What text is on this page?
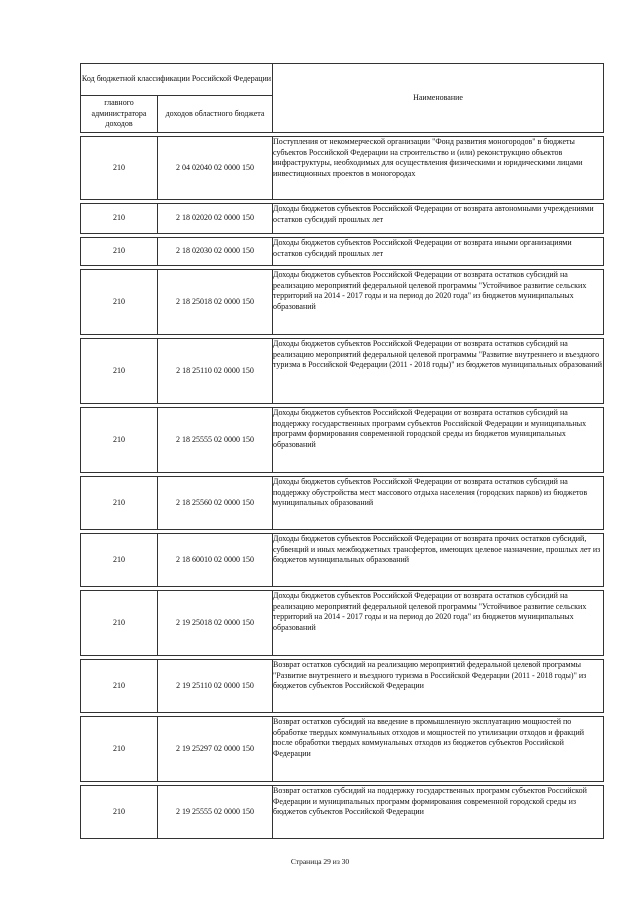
Код бюджетной классификации Российской Федерации		Наименование
главного администратора доходов	доходов областного бюджета	

210	2 04 02040 02 0000 150	Поступления от некоммерческой организации "Фонд развития моногородов" в бюджеты субъектов Российской Федерации на строительство и (или) реконструкцию объектов инфраструктуры, необходимых для осуществления физическими и юридическими лицами инвестиционных проектов в моногородах

210	2 18 02020 02 0000 150	Доходы бюджетов субъектов Российской Федерации от возврата автономными учреждениями остатков субсидий прошлых лет

210	2 18 02030 02 0000 150	Доходы бюджетов субъектов Российской Федерации от возврата иными организациями остатков субсидий прошлых лет

210	2 18 25018 02 0000 150	Доходы бюджетов субъектов Российской Федерации от возврата остатков субсидий на реализацию мероприятий федеральной целевой программы "Устойчивое развитие сельских территорий на 2014 - 2017 годы и на период до 2020 года" из бюджетов муниципальных образований

210	2 18 25110 02 0000 150	Доходы бюджетов субъектов Российской Федерации от возврата остатков субсидий на реализацию мероприятий федеральной целевой программы "Развитие внутреннего и въездного туризма в Российской Федерации (2011 - 2018 годы)" из бюджетов муниципальных образований

210	2 18 25555 02 0000 150	Доходы бюджетов субъектов Российской Федерации от возврата остатков субсидий на поддержку государственных программ субъектов Российской Федерации и муниципальных программ формирования современной городской среды из бюджетов муниципальных образований

210	2 18 25560 02 0000 150	Доходы бюджетов субъектов Российской Федерации от возврата остатков субсидий на поддержку обустройства мест массового отдыха населения (городских парков) из бюджетов муниципальных образований

210	2 18 60010 02 0000 150	Доходы бюджетов субъектов Российской Федерации от возврата прочих остатков субсидий, субвенций и иных межбюджетных трансфертов, имеющих целевое назначение, прошлых лет из бюджетов муниципальных образований

210	2 19 25018 02 0000 150	Доходы бюджетов субъектов Российской Федерации от возврата остатков субсидий на реализацию мероприятий федеральной целевой программы "Устойчивое развитие сельских территорий на 2014 - 2017 годы и на период до 2020 года" из бюджетов муниципальных образований

210	2 19 25110 02 0000 150	Возврат остатков субсидий на реализацию мероприятий федеральной целевой программы "Развитие внутреннего и въездного туризма в Российской Федерации (2011 - 2018 годы)" из бюджетов субъектов Российской Федерации

210	2 19 25297 02 0000 150	Возврат остатков субсидий на введение в промышленную эксплуатацию мощностей по обработке твердых коммунальных отходов и мощностей по утилизации отходов и фракций после обработки твердых коммунальных отходов из бюджетов субъектов Российской Федерации

210	2 19 25555 02 0000 150	Возврат остатков субсидий на поддержку государственных программ субъектов Российской Федерации и муниципальных программ формирования современной городской среды из бюджетов субъектов Российской Федерации
Страница 29 из 30
